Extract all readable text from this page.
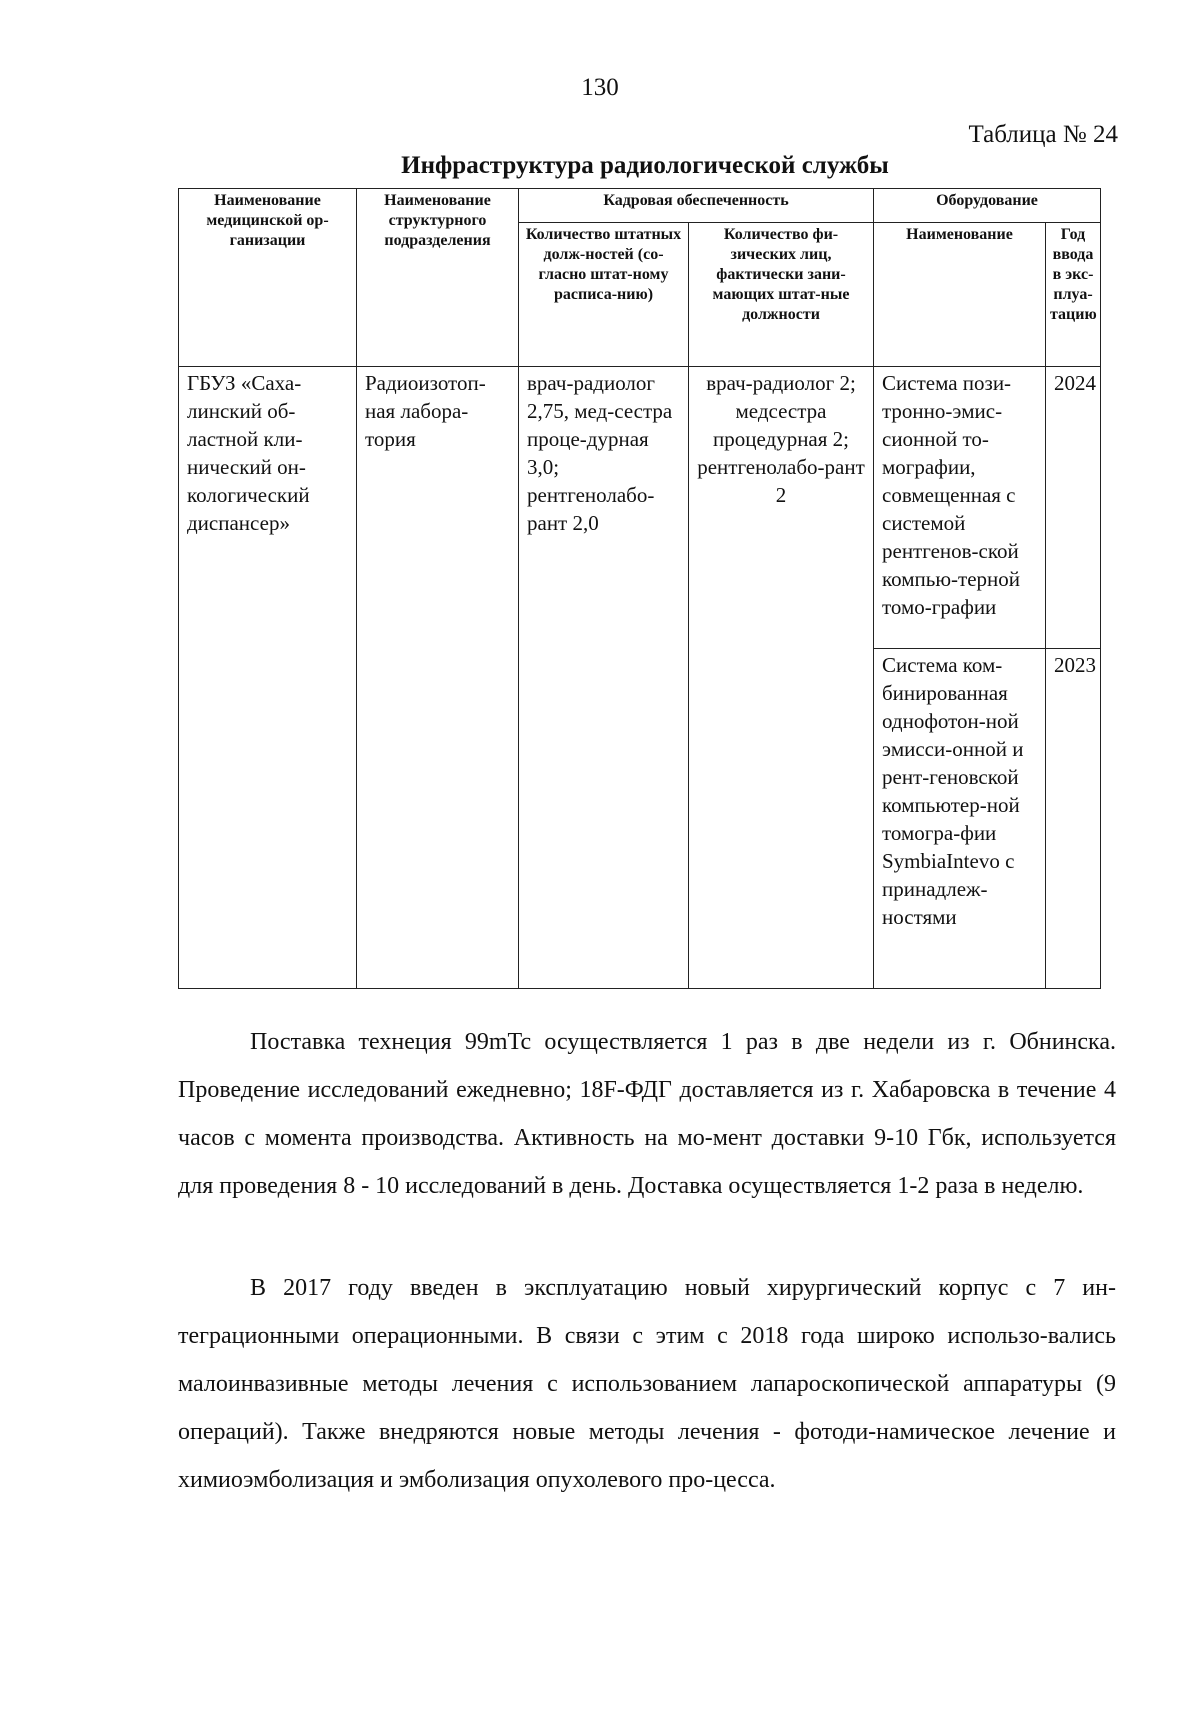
130
Таблица № 24
Инфраструктура радиологической службы
Наименование медицинской ор-ганизации	Наименование структурного подразделения	Кадровая обеспеченность		Оборудование	
		Количество штатных долж-ностей (со-гласно штат-ному расписа-нию)	Количество фи-зических лиц, фактически зани-мающих штат-ные должности	Наименование	Год ввода в экс-плуа-тацию
ГБУЗ «Саха-линский об-ластной кли-нический он-кологический диспансер»	Радиоизотоп-ная лабора-тория	врач-радиолог 2,75, мед-сестра проце-дурная 3,0; рентгенолабо-рант 2,0	врач-радиолог 2; медсестра процедурная 2; рентгенолабо-рант 2	Система пози-тронно-эмис-сионной то-мографии, совмещенная с системой рентгенов-ской компью-терной томо-графии	2024
				Система ком-бинированная однофотон-ной эмисси-онной и рент-геновской компьютер-ной томогра-фии SymbiaIntevo с принадлеж-ностями	2023
Поставка технеция 99mTc осуществляется 1 раз в две недели из г. Обнинска. Проведение исследований ежедневно; 18F-ФДГ доставляется из г. Хабаровска в течение 4 часов с момента производства. Активность на мо-мент доставки 9-10 Гбк, используется для проведения 8 - 10 исследований в день. Доставка осуществляется 1-2 раза в неделю.
В 2017 году введен в эксплуатацию новый хирургический корпус с 7 ин-теграционными операционными. В связи с этим с 2018 года широко использо-вались малоинвазивные методы лечения с использованием лапароскопической аппаратуры (9 операций). Также внедряются новые методы лечения - фотоди-намическое лечение и химиоэмболизация и эмболизация опухолевого про-цесса.
